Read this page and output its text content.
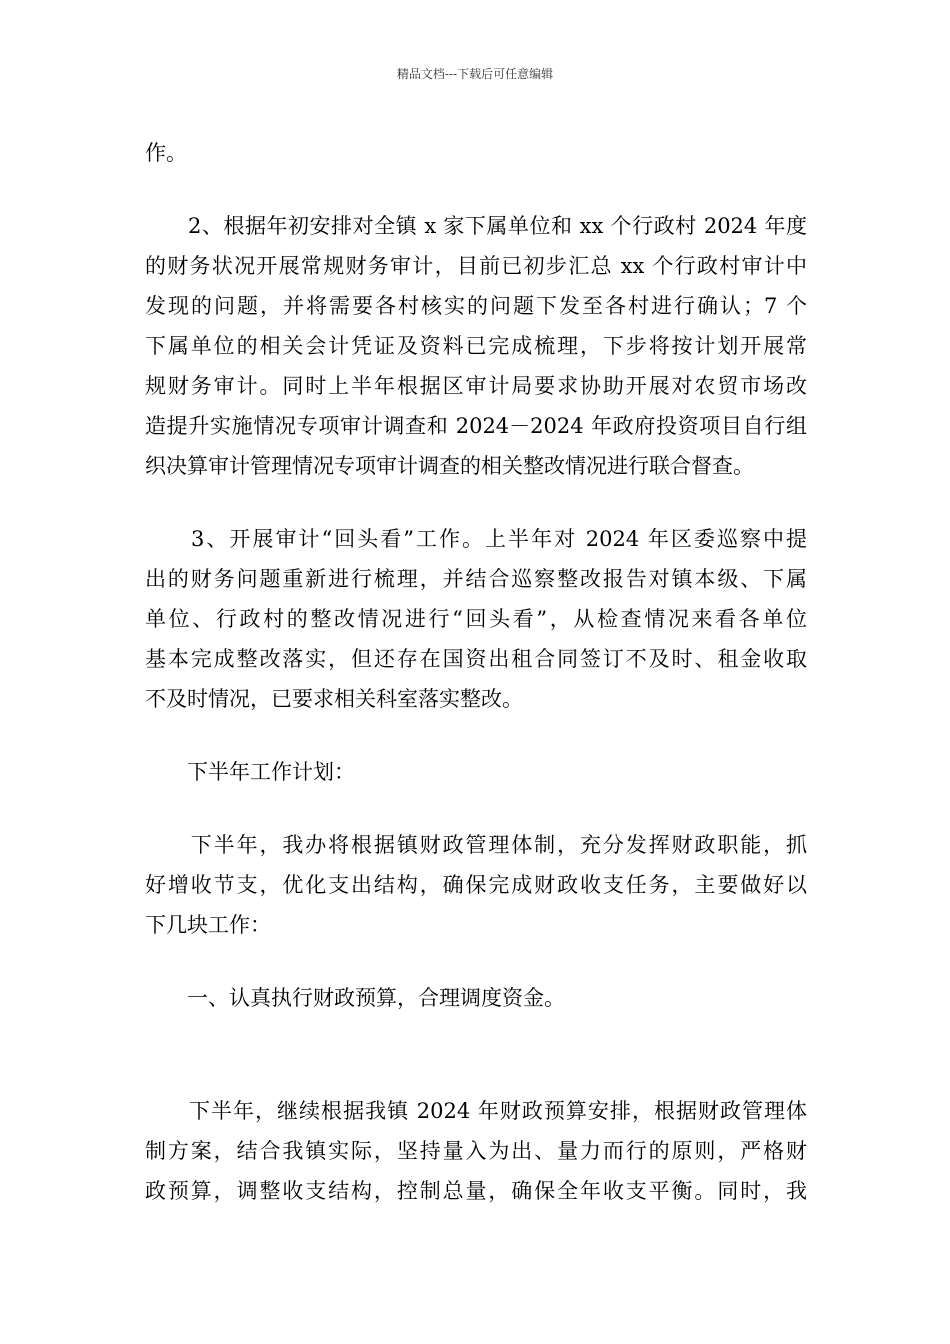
精品文档---下载后可任意编辑
作。
　　2、根据年初安排对全镇 x 家下属单位和 xx 个行政村 2024 年度
的财务状况开展常规财务审计，目前已初步汇总 xx 个行政村审计中
发现的问题，并将需要各村核实的问题下发至各村进行确认；7 个
下属单位的相关会计凭证及资料已完成梳理，下步将按计划开展常
规财务审计。同时上半年根据区审计局要求协助开展对农贸市场改
造提升实施情况专项审计调查和 2024－2024 年政府投资项目自行组
织决算审计管理情况专项审计调查的相关整改情况进行联合督查。
　　3、开展审计“回头看”工作。上半年对 2024 年区委巡察中提
出的财务问题重新进行梳理，并结合巡察整改报告对镇本级、下属
单位、行政村的整改情况进行“回头看”，从检查情况来看各单位
基本完成整改落实，但还存在国资出租合同签订不及时、租金收取
不及时情况，已要求相关科室落实整改。
　　下半年工作计划：
　　下半年，我办将根据镇财政管理体制，充分发挥财政职能，抓
好增收节支，优化支出结构，确保完成财政收支任务，主要做好以
下几块工作：
　　一、认真执行财政预算，合理调度资金。
　　下半年，继续根据我镇 2024 年财政预算安排，根据财政管理体
制方案，结合我镇实际，坚持量入为出、量力而行的原则，严格财
政预算，调整收支结构，控制总量，确保全年收支平衡。同时，我
